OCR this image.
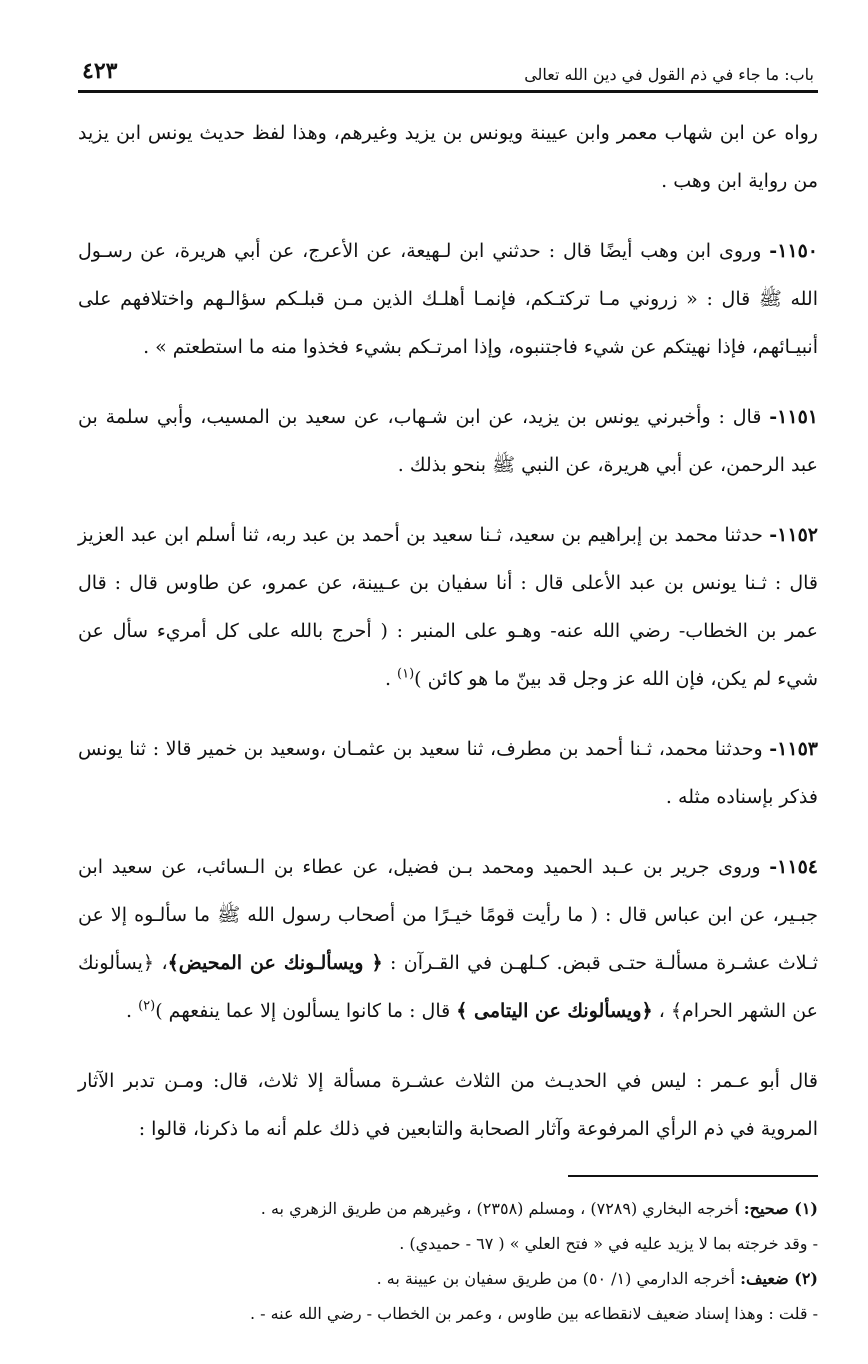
باب: ما جاء في ذم القول في دين الله تعالى
٤٢٣

رواه عن ابن شهاب معمر وابن عيينة ويونس بن يزيد وغيرهم، وهذا لفظ حديث يونس ابن يزيد من رواية ابن وهب .

١١٥٠- وروى ابن وهب أيضًا قال : حدثني ابن لـهيعة، عن الأعرج، عن أبي هريرة، عن رسـول الله ﷺ قال : « زروني مـا تركتـكم، فإنمـا أهلـك الذين مـن قبلـكم سؤالـهم واختلافهم على أنبيـائهم، فإذا نهيتكم عن شيء فاجتنبوه، وإذا امرتـكم بشيء فخذوا منه ما استطعتم » .

١١٥١- قال : وأخبرني يونس بن يزيد، عن ابن شـهاب، عن سعيد بن المسيب، وأبي سلمة بن عبد الرحمن، عن أبي هريرة، عن النبي ﷺ بنحو بذلك .

١١٥٢- حدثنا محمد بن إبراهيم بن سعيد، ثـنا سعيد بن أحمد بن عبد ربه، ثنا أسلم ابن عبد العزيز قال : ثـنا يونس بن عبد الأعلى قال : أنا سفيان بن عـيينة، عن عمرو، عن طاوس قال : قال عمر بن الخطاب- رضي الله عنه- وهـو على المنبر : ( أحرج بالله على كل أمريء سأل عن شيء لم يكن، فإن الله عز وجل قد بينّ ما هو كائن )$^{(١)}$ .

١١٥٣- وحدثنا محمد، ثـنا أحمد بن مطرف، ثنا سعيد بن عثمـان ،وسعيد بن خمير قالا : ثنا يونس فذكر بإسناده مثله .

١١٥٤- وروى جرير بن عـبد الحميد ومحمد بـن فضيل، عن عطاء بن الـسائب، عن سعيد ابن جبـير، عن ابن عباس قال : ( ما رأيت قومًا خيـرًا من أصحاب رسول الله ﷺ ما سألـوه إلا عن ثـلاث عشـرة مسألـة حتـى قبض. كـلهـن في القـرآن : ﴿ ويسألـونك عن المحيض﴾، ﴿يسألونك عن الشهر الحرام﴾ ، ﴿ويسألونك عن اليتامى ﴾ قال : ما كانوا يسألون إلا عما ينفعهم )$^{(٢)}$ .

قال أبو عـمر : ليس في الحديـث من الثلاث عشـرة مسألة إلا ثلاث، قال: ومـن تدبر الآثار المروية في ذم الرأي المرفوعة وآثار الصحابة والتابعين في ذلك علم أنه ما ذكرنا، قالوا :

(١) صحيح: أخرجه البخاري (٧٢٨٩) ، ومسلم (٢٣٥٨) ، وغيرهم من طريق الزهري به .

- وقد خرجته بما لا يزيد عليه في « فتح العلي » ( ٦٧ - حميدي) .

(٢) ضعيف: أخرجه الدارمي (١/ ٥٠) من طريق سفيان بن عيينة به .

- قلت : وهذا إسناد ضعيف لانقطاعه بين طاوس ، وعمر بن الخطاب - رضي الله عنه - .
